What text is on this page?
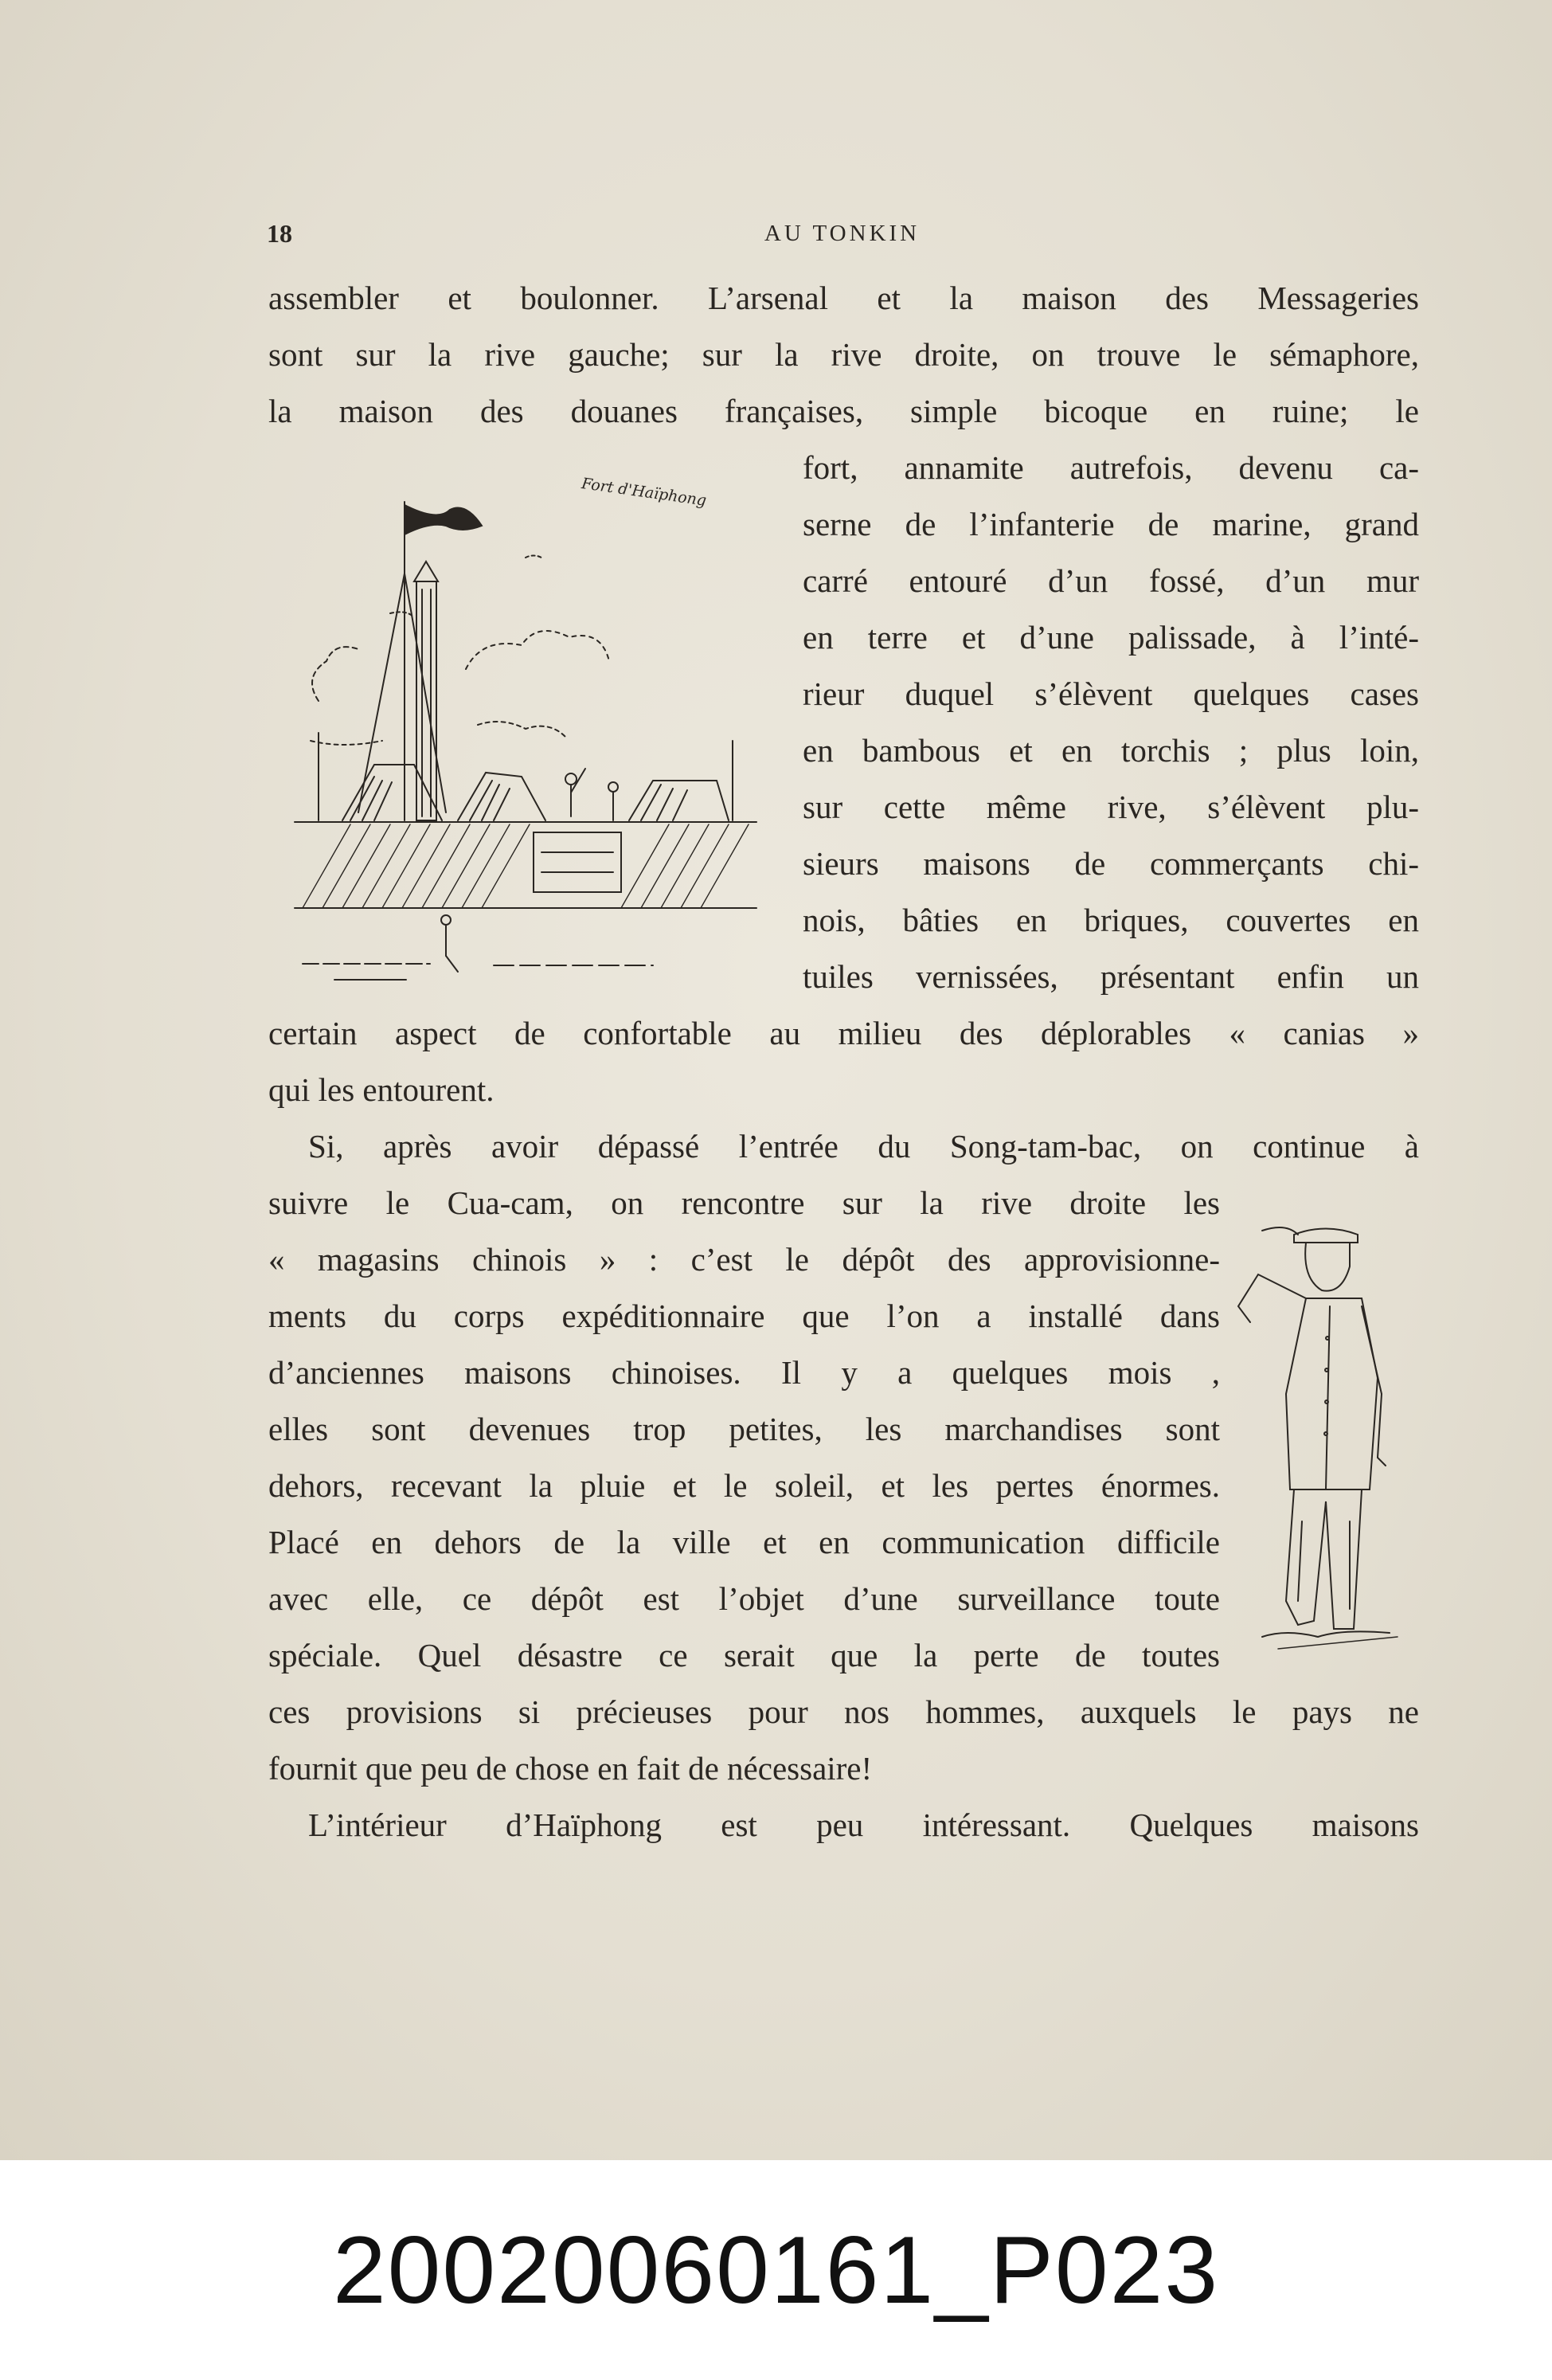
18	AU TONKIN
assembler et boulonner. L’arsenal et la maison des Messageries
sont sur la rive gauche; sur la rive droite, on trouve le sémaphore,
la maison des douanes françaises, simple bicoque en ruine; le
fort, annamite autrefois, devenu ca-
serne de l’infanterie de marine, grand
carré entouré d’un fossé, d’un mur
en terre et d’une palissade, à l’inté-
rieur duquel s’élèvent quelques cases
en bambous et en torchis ; plus loin,
sur cette même rive, s’élèvent plu-
sieurs maisons de commerçants chi-
nois, bâties en briques, couvertes en
tuiles vernissées, présentant enfin un
certain aspect de confortable au milieu des déplorables « canias »
qui les entourent.
Si, après avoir dépassé l’entrée du Song-tam-bac, on continue à
suivre le Cua-cam, on rencontre sur la rive droite les
« magasins chinois » : c’est le dépôt des approvisionne-
ments du corps expéditionnaire que l’on a installé dans
d’anciennes maisons chinoises. Il y a quelques mois ,
elles sont devenues trop petites, les marchandises sont
dehors, recevant la pluie et le soleil, et les pertes énormes.
Placé en dehors de la ville et en communication difficile
avec elle, ce dépôt est l’objet d’une surveillance toute
spéciale. Quel désastre ce serait que la perte de toutes
ces provisions si précieuses pour nos hommes, auxquels le pays ne
fournit que peu de chose en fait de nécessaire!
L’intérieur d’Haïphong est peu intéressant. Quelques maisons
Fort d'Haïphong
20020060161_P023
